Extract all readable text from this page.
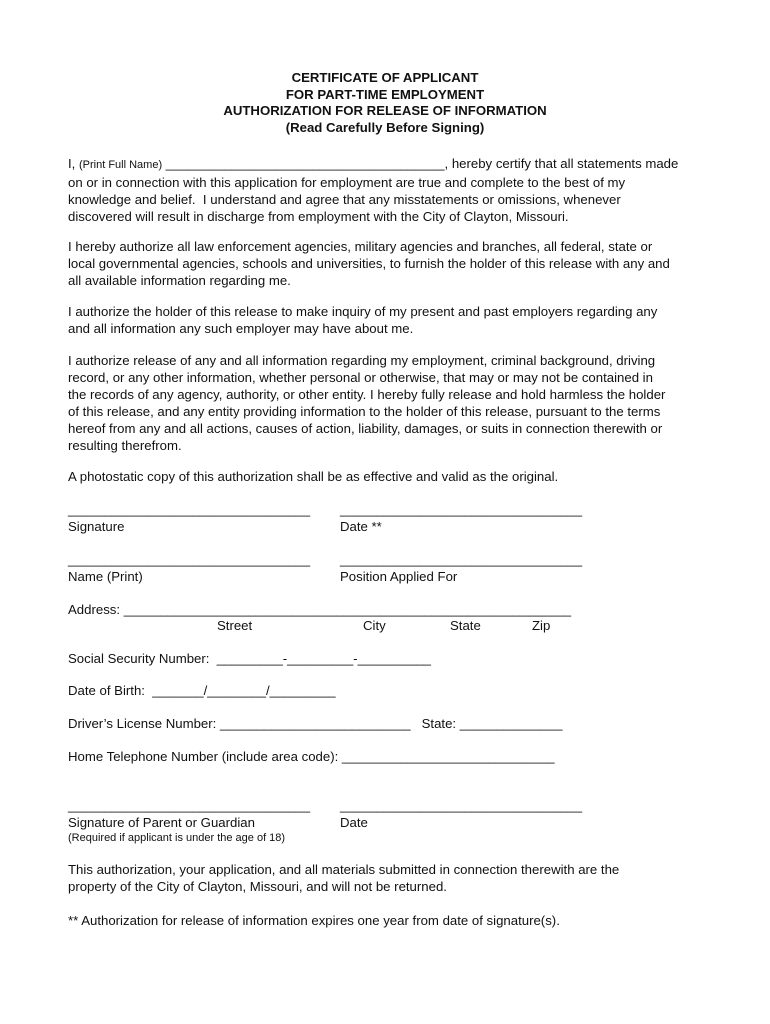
CERTIFICATE OF APPLICANT
FOR PART-TIME EMPLOYMENT
AUTHORIZATION FOR RELEASE OF INFORMATION
(Read Carefully Before Signing)
I, (Print Full Name) ______________________________________, hereby certify that all statements made
on or in connection with this application for employment are true and complete to the best of my
knowledge and belief.  I understand and agree that any misstatements or omissions, whenever
discovered will result in discharge from employment with the City of Clayton, Missouri.
I hereby authorize all law enforcement agencies, military agencies and branches, all federal, state or
local governmental agencies, schools and universities, to furnish the holder of this release with any and
all available information regarding me.
I authorize the holder of this release to make inquiry of my present and past employers regarding any
and all information any such employer may have about me.
I authorize release of any and all information regarding my employment, criminal background, driving
record, or any other information, whether personal or otherwise, that may or may not be contained in
the records of any agency, authority, or other entity. I hereby fully release and hold harmless the holder
of this release, and any entity providing information to the holder of this release, pursuant to the terms
hereof from any and all actions, causes of action, liability, damages, or suits in connection therewith or
resulting therefrom.
A photostatic copy of this authorization shall be as effective and valid as the original.
_________________________________ _________________________________
Signature	Date **
_________________________________ _________________________________
Name (Print)	Position Applied For
Address: _____________________________________________________________
Street	City	State	Zip
Social Security Number:  _________-_________-__________
Date of Birth:  _______/________/_________
Driver’s License Number: __________________________   State: ______________
Home Telephone Number (include area code): _____________________________
_________________________________ _________________________________
Signature of Parent or Guardian	Date
(Required if applicant is under the age of 18)
This authorization, your application, and all materials submitted in connection therewith are the
property of the City of Clayton, Missouri, and will not be returned.
** Authorization for release of information expires one year from date of signature(s).
